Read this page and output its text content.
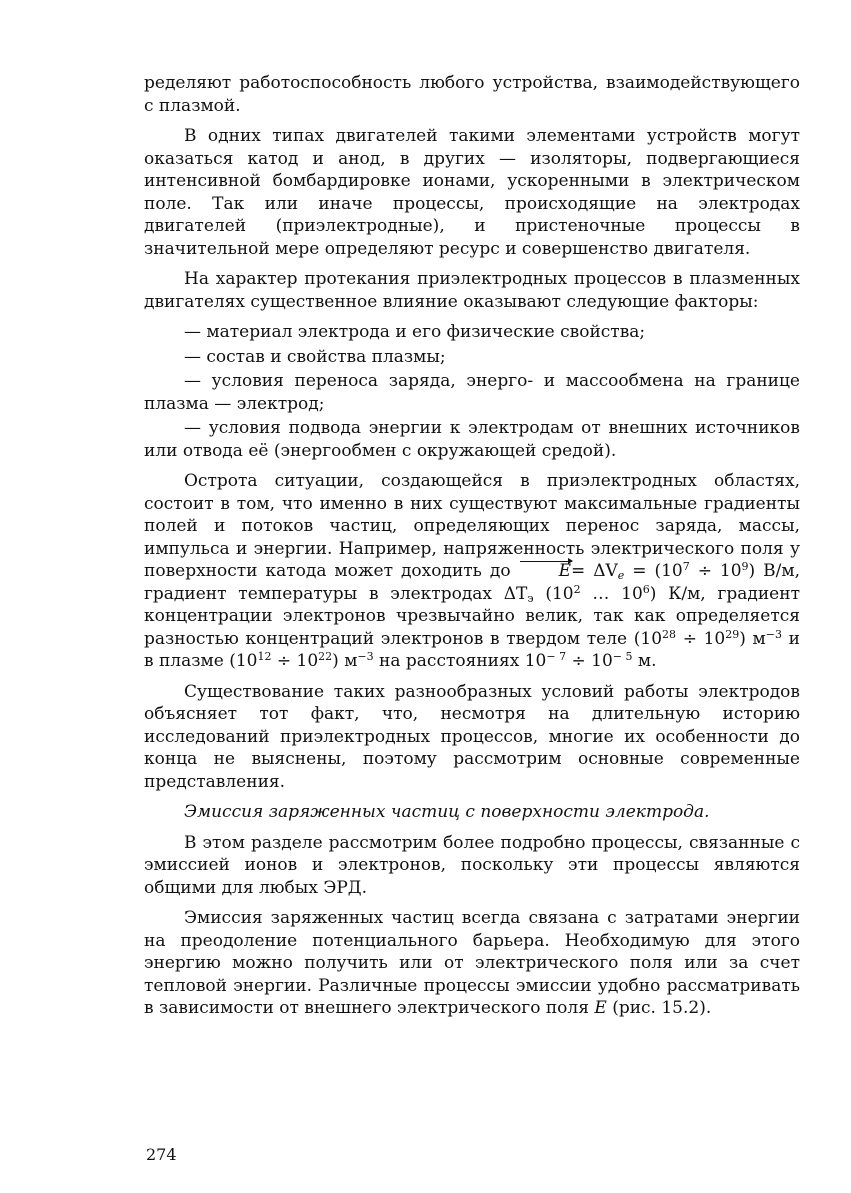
ределяют работоспособность любого устройства, взаимодействующего с плазмой.

В одних типах двигателей такими элементами устройств могут оказаться катод и анод, в других — изоляторы, подвергающиеся интенсивной бомбардировке ионами, ускоренными в электрическом поле. Так или иначе процессы, происходящие на электродах двигателей (приэлектродные), и пристеночные процессы в значительной мере определяют ресурс и совершенство двигателя.

На характер протекания приэлектродных процессов в плазменных двигателях существенное влияние оказывают следующие факторы:

— материал электрода и его физические свойства;

— состав и свойства плазмы;

— условия переноса заряда, энерго- и массообмена на границе плазма — электрод;

— условия подвода энергии к электродам от внешних источников или отвода её (энергообмен с окружающей средой).

Острота ситуации, создающейся в приэлектродных областях, состоит в том, что именно в них существуют максимальные градиенты полей и потоков частиц, определяющих перенос заряда, массы, импульса и энергии. Например, напряженность электрического поля у поверхности катода может доходить до	$E= \Delta V_e = (10^7 \div 10^9)$ В/м, градиент температуры в электродах $\Delta T_э$ ($10^2$ … $10^6$) К/м, градиент концентрации электронов чрезвычайно велик, так как определяется разностью концентраций электронов в твердом теле $(10^{28} \div 10^{29})$ $м^{-3}$ и в плазме $(10^{12} \div 10^{22})$ $м^{-3}$ на расстояниях $10^{- 7} \div 10^{- 5}$ м.

Существование таких разнообразных условий работы электродов объясняет тот факт, что, несмотря на длительную историю исследований приэлектродных процессов, многие их особенности до конца не выяснены, поэтому рассмотрим основные современные представления.

Эмиссия заряженных частиц с поверхности электрода.

В этом разделе рассмотрим более подробно процессы, связанные с эмиссией ионов и электронов, поскольку эти процессы являются общими для любых ЭРД.

Эмиссия заряженных частиц всегда связана с затратами энергии на преодоление потенциального барьера. Необходимую для этого энергию можно получить или от электрического поля или за счет тепловой энергии. Различные процессы эмиссии удобно рассматривать в зависимости от внешнего электрического поля E (рис. 15.2).

274
